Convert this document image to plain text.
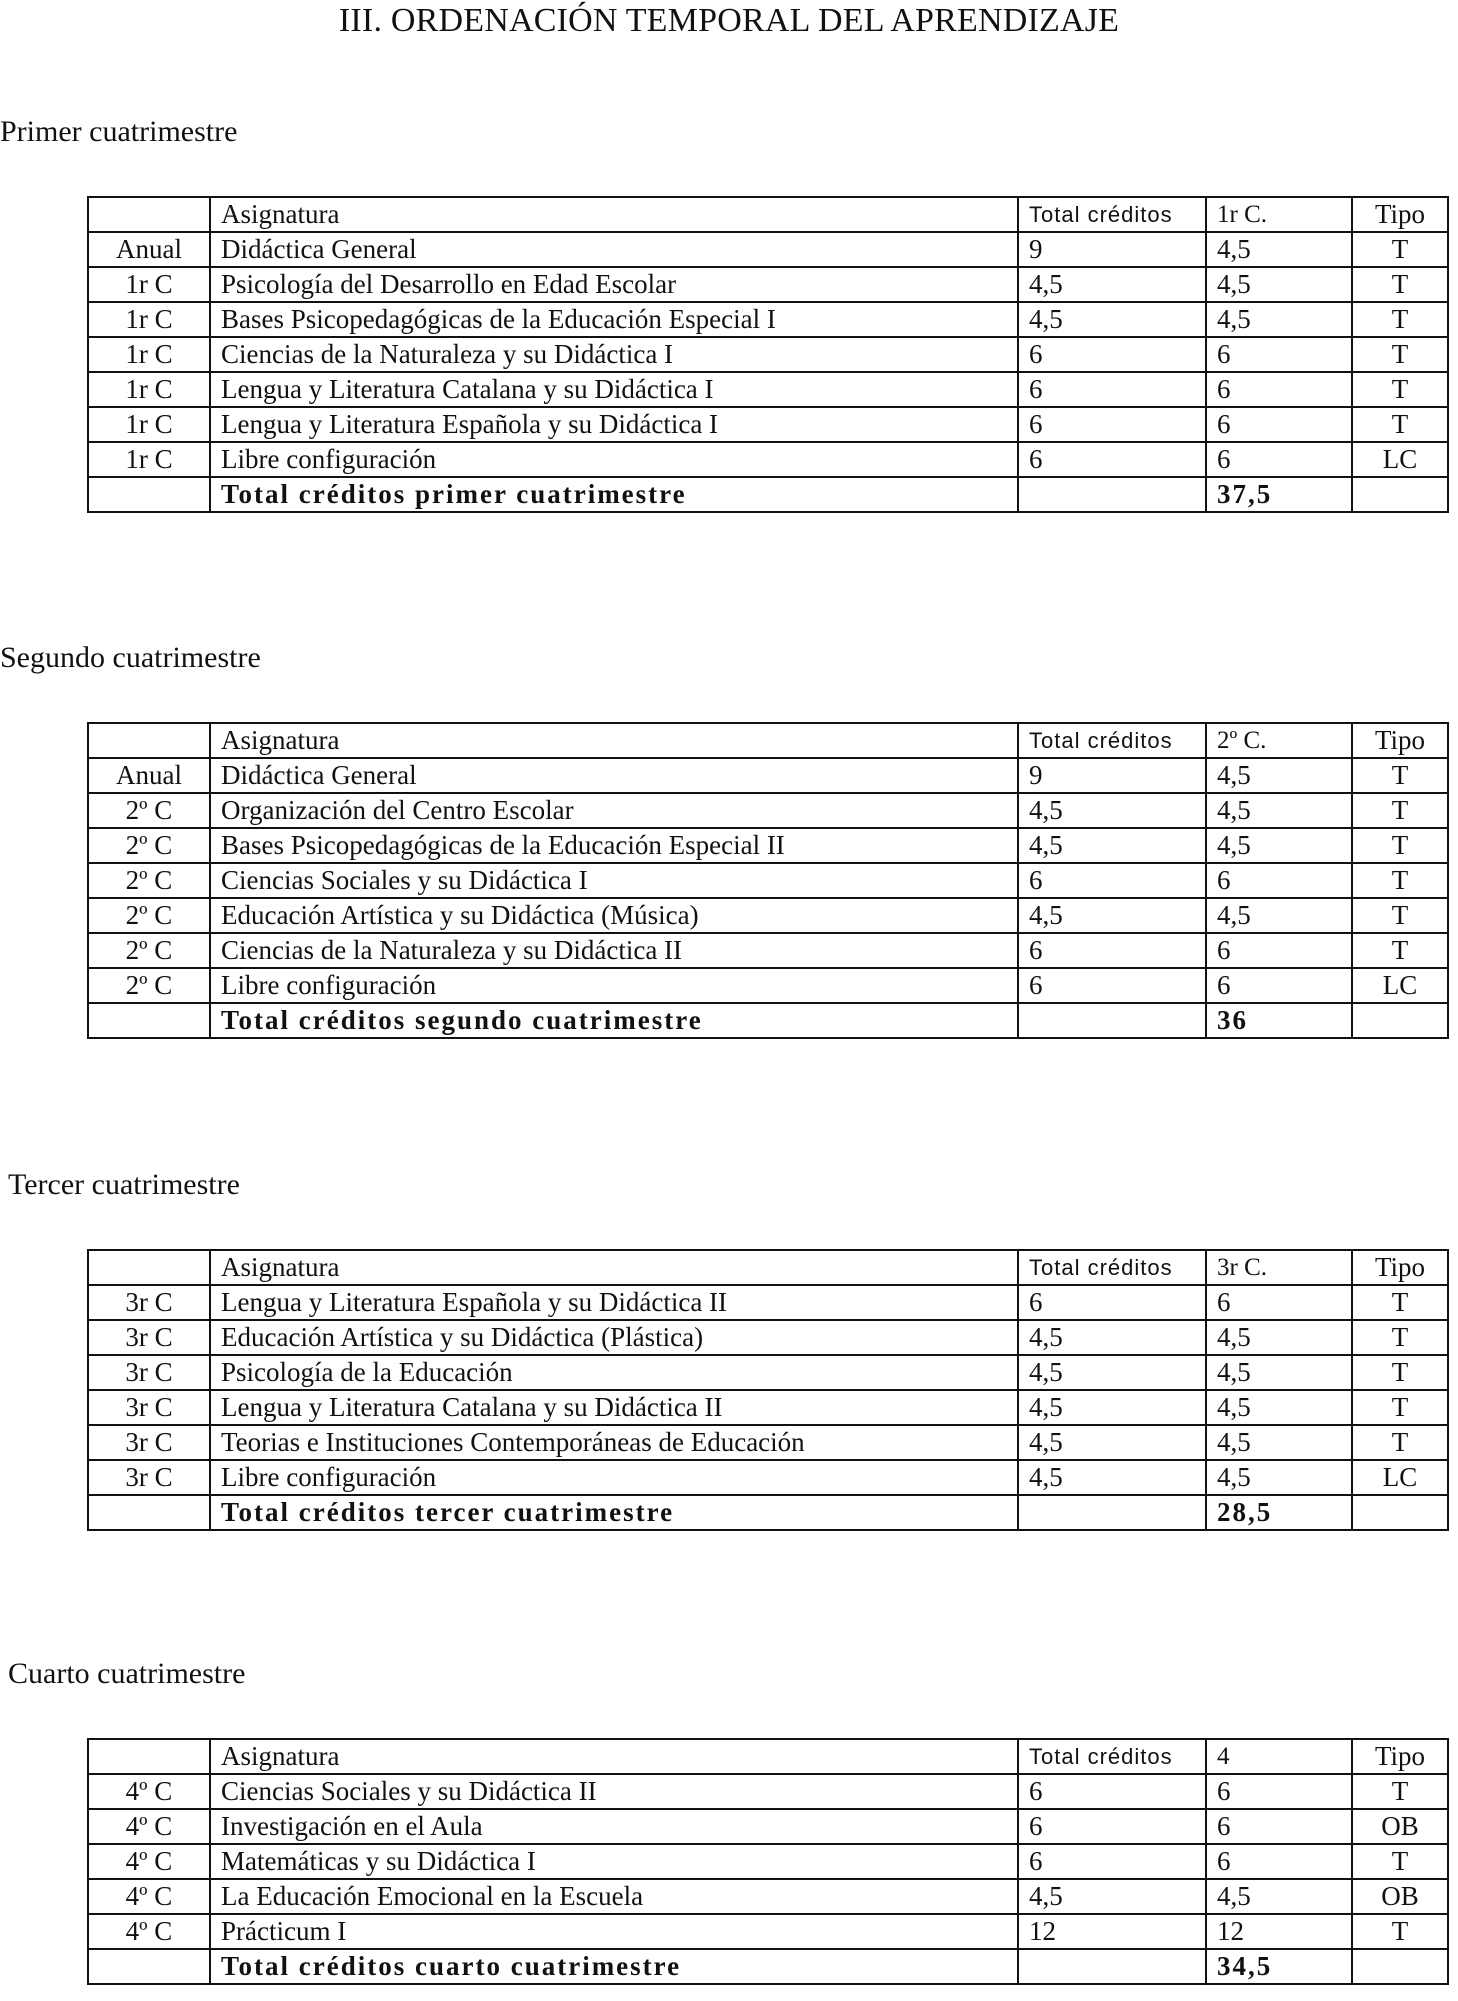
III. ORDENACIÓN TEMPORAL DEL APRENDIZAJE
Primer cuatrimestre
	Asignatura	Total créditos	1r C.	Tipo
Anual	Didáctica General	9	4,5	T
1r C	Psicología del Desarrollo en Edad Escolar	4,5	4,5	T
1r C	Bases Psicopedagógicas de la Educación Especial I	4,5	4,5	T
1r C	Ciencias de la Naturaleza y su Didáctica I	6	6	T
1r C	Lengua y Literatura Catalana y su Didáctica I	6	6	T
1r C	Lengua y Literatura Española y su Didáctica I	6	6	T
1r C	Libre configuración	6	6	LC
	Total créditos primer cuatrimestre		37,5	
Segundo cuatrimestre
	Asignatura	Total créditos	2º C.	Tipo
Anual	Didáctica General	9	4,5	T
2º C	Organización del Centro Escolar	4,5	4,5	T
2º C	Bases Psicopedagógicas de la Educación Especial II	4,5	4,5	T
2º C	Ciencias Sociales y su Didáctica I	6	6	T
2º C	Educación Artística y su Didáctica (Música)	4,5	4,5	T
2º C	Ciencias de la Naturaleza y su Didáctica II	6	6	T
2º C	Libre configuración	6	6	LC
	Total créditos segundo cuatrimestre		36	
Tercer cuatrimestre
	Asignatura	Total créditos	3r C.	Tipo
3r C	Lengua y Literatura Española y su Didáctica II	6	6	T
3r C	Educación Artística y su Didáctica (Plástica)	4,5	4,5	T
3r C	Psicología de la Educación	4,5	4,5	T
3r C	Lengua y Literatura Catalana y su Didáctica II	4,5	4,5	T
3r C	Teorias e Instituciones Contemporáneas de Educación	4,5	4,5	T
3r C	Libre configuración	4,5	4,5	LC
	Total créditos tercer cuatrimestre		28,5	
Cuarto cuatrimestre
	Asignatura	Total créditos	4	Tipo
4º C	Ciencias Sociales y su Didáctica II	6	6	T
4º C	Investigación en el Aula	6	6	OB
4º C	Matemáticas y su Didáctica I	6	6	T
4º C	La Educación Emocional en la Escuela	4,5	4,5	OB
4º C	Prácticum I	12	12	T
	Total créditos cuarto cuatrimestre		34,5	
